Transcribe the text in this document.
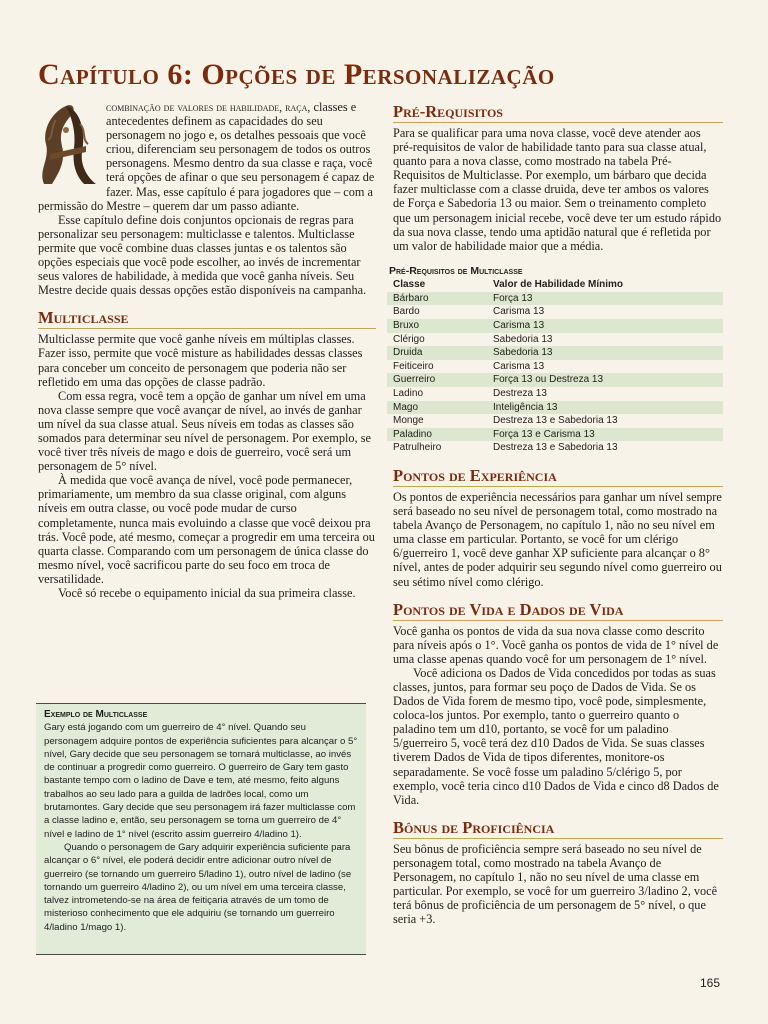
Capítulo 6: Opções de Personalização

combinação de valores de habilidade, raça, classes e antecedentes definem as capacidades do seu personagem no jogo e, os detalhes pessoais que você criou, diferenciam seu personagem de todos os outros personagens. Mesmo dentro da sua classe e raça, você terá opções de afinar o que seu personagem é capaz de fazer. Mas, esse capítulo é para jogadores que – com a permissão do Mestre – querem dar um passo adiante.

Esse capítulo define dois conjuntos opcionais de regras para personalizar seu personagem: multiclasse e talentos. Multiclasse permite que você combine duas classes juntas e os talentos são opções especiais que você pode escolher, ao invés de incrementar seus valores de habilidade, à medida que você ganha níveis. Seu Mestre decide quais dessas opções estão disponíveis na campanha.

Multiclasse

Multiclasse permite que você ganhe níveis em múltiplas classes. Fazer isso, permite que você misture as habilidades dessas classes para conceber um conceito de personagem que poderia não ser refletido em uma das opções de classe padrão.

Com essa regra, você tem a opção de ganhar um nível em uma nova classe sempre que você avançar de nível, ao invés de ganhar um nível da sua classe atual. Seus níveis em todas as classes são somados para determinar seu nível de personagem. Por exemplo, se você tiver três níveis de mago e dois de guerreiro, você será um personagem de 5° nível.

À medida que você avança de nível, você pode permanecer, primariamente, um membro da sua classe original, com alguns níveis em outra classe, ou você pode mudar de curso completamente, nunca mais evoluindo a classe que você deixou pra trás. Você pode, até mesmo, começar a progredir em uma terceira ou quarta classe. Comparando com um personagem de única classe do mesmo nível, você sacrificou parte do seu foco em troca de versatilidade.

Você só recebe o equipamento inicial da sua primeira classe.

Exemplo de Multiclasse

Gary está jogando com um guerreiro de 4° nível. Quando seu personagem adquire pontos de experiência suficientes para alcançar o 5° nível, Gary decide que seu personagem se tornará multiclasse, ao invés de continuar a progredir como guerreiro. O guerreiro de Gary tem gasto bastante tempo com o ladino de Dave e tem, até mesmo, feito alguns trabalhos ao seu lado para a guilda de ladrões local, como um brutamontes. Gary decide que seu personagem irá fazer multiclasse com a classe ladino e, então, seu personagem se torna um guerreiro de 4° nível e ladino de 1° nível (escrito assim guerreiro 4/ladino 1).

Quando o personagem de Gary adquirir experiência suficiente para alcançar o 6° nível, ele poderá decidir entre adicionar outro nível de guerreiro (se tornando um guerreiro 5/ladino 1), outro nível de ladino (se tornando um guerreiro 4/ladino 2), ou um nível em uma terceira classe, talvez intrometendo-se na área de feitiçaria através de um tomo de misterioso conhecimento que ele adquiriu (se tornando um guerreiro 4/ladino 1/mago 1).

Pré-Requisitos

Para se qualificar para uma nova classe, você deve atender aos pré-requisitos de valor de habilidade tanto para sua classe atual, quanto para a nova classe, como mostrado na tabela Pré-Requisitos de Multiclasse. Por exemplo, um bárbaro que decida fazer multiclasse com a classe druida, deve ter ambos os valores de Força e Sabedoria 13 ou maior. Sem o treinamento completo que um personagem inicial recebe, você deve ter um estudo rápido da sua nova classe, tendo uma aptidão natural que é refletida por um valor de habilidade maior que a média.

Pré-Requisitos de Multiclasse
Classe	Valor de Habilidade Mínimo
Bárbaro	Força 13
Bardo	Carisma 13
Bruxo	Carisma 13
Clérigo	Sabedoria 13
Druida	Sabedoria 13
Feiticeiro	Carisma 13
Guerreiro	Força 13 ou Destreza 13
Ladino	Destreza 13
Mago	Inteligência 13
Monge	Destreza 13 e Sabedoria 13
Paladino	Força 13 e Carisma 13
Patrulheiro	Destreza 13 e Sabedoria 13
Pontos de Experiência

Os pontos de experiência necessários para ganhar um nível sempre será baseado no seu nível de personagem total, como mostrado na tabela Avanço de Personagem, no capítulo 1, não no seu nível em uma classe em particular. Portanto, se você for um clérigo 6/guerreiro 1, você deve ganhar XP suficiente para alcançar o 8° nível, antes de poder adquirir seu segundo nível como guerreiro ou seu sétimo nível como clérigo.

Pontos de Vida e Dados de Vida

Você ganha os pontos de vida da sua nova classe como descrito para níveis após o 1°. Você ganha os pontos de vida de 1° nível de uma classe apenas quando você for um personagem de 1° nível.

Você adiciona os Dados de Vida concedidos por todas as suas classes, juntos, para formar seu poço de Dados de Vida. Se os Dados de Vida forem de mesmo tipo, você pode, simplesmente, coloca-los juntos. Por exemplo, tanto o guerreiro quanto o paladino tem um d10, portanto, se você for um paladino 5/guerreiro 5, você terá dez d10 Dados de Vida. Se suas classes tiverem Dados de Vida de tipos diferentes, monitore-os separadamente. Se você fosse um paladino 5/clérigo 5, por exemplo, você teria cinco d10 Dados de Vida e cinco d8 Dados de Vida.

Bônus de Proficiência

Seu bônus de proficiência sempre será baseado no seu nível de personagem total, como mostrado na tabela Avanço de Personagem, no capítulo 1, não no seu nível de uma classe em particular. Por exemplo, se você for um guerreiro 3/ladino 2, você terá bônus de proficiência de um personagem de 5° nível, o que seria +3.

165
